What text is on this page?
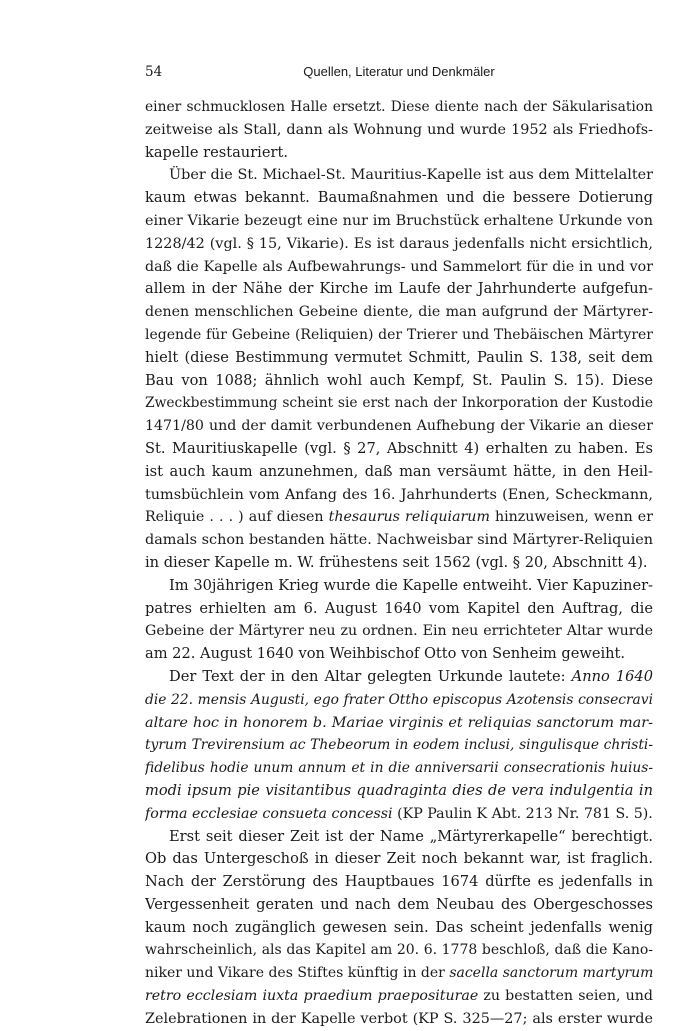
54	Quellen, Literatur und Denkmäler
einer schmucklosen Halle ersetzt. Diese diente nach der Säkularisation
zeitweise als Stall, dann als Wohnung und wurde 1952 als Friedhofs-
kapelle restauriert.
Über die St. Michael-St. Mauritius-Kapelle ist aus dem Mittelalter
kaum etwas bekannt. Baumaßnahmen und die bessere Dotierung
einer Vikarie bezeugt eine nur im Bruchstück erhaltene Urkunde von
1228/42 (vgl. § 15, Vikarie). Es ist daraus jedenfalls nicht ersichtlich,
daß die Kapelle als Aufbewahrungs- und Sammelort für die in und vor
allem in der Nähe der Kirche im Laufe der Jahrhunderte aufgefun-
denen menschlichen Gebeine diente, die man aufgrund der Märtyrer-
legende für Gebeine (Reliquien) der Trierer und Thebäischen Märtyrer
hielt (diese Bestimmung vermutet Schmitt, Paulin S. 138, seit dem
Bau von 1088; ähnlich wohl auch Kempf, St. Paulin S. 15). Diese
Zweckbestimmung scheint sie erst nach der Inkorporation der Kustodie
1471/80 und der damit verbundenen Aufhebung der Vikarie an dieser
St. Mauritiuskapelle (vgl. § 27, Abschnitt 4) erhalten zu haben. Es
ist auch kaum anzunehmen, daß man versäumt hätte, in den Heil-
tumsbüchlein vom Anfang des 16. Jahrhunderts (Enen, Scheckmann,
Reliquie . . . ) auf diesen thesaurus reliquiarum hinzuweisen, wenn er
damals schon bestanden hätte. Nachweisbar sind Märtyrer-Reliquien
in dieser Kapelle m. W. frühestens seit 1562 (vgl. § 20, Abschnitt 4).
Im 30jährigen Krieg wurde die Kapelle entweiht. Vier Kapuziner-
patres erhielten am 6. August 1640 vom Kapitel den Auftrag, die
Gebeine der Märtyrer neu zu ordnen. Ein neu errichteter Altar wurde
am 22. August 1640 von Weihbischof Otto von Senheim geweiht.
Der Text der in den Altar gelegten Urkunde lautete: Anno 1640
die 22. mensis Augusti, ego frater Ottho episcopus Azotensis consecravi
altare hoc in honorem b. Mariae virginis et reliquias sanctorum mar-
tyrum Trevirensium ac Thebeorum in eodem inclusi, singulisque christi-
fidelibus hodie unum annum et in die anniversarii consecrationis huius-
modi ipsum pie visitantibus quadraginta dies de vera indulgentia in
forma ecclesiae consueta concessi (KP Paulin K Abt. 213 Nr. 781 S. 5).
Erst seit dieser Zeit ist der Name „Märtyrerkapelle“ berechtigt.
Ob das Untergeschoß in dieser Zeit noch bekannt war, ist fraglich.
Nach der Zerstörung des Hauptbaues 1674 dürfte es jedenfalls in
Vergessenheit geraten und nach dem Neubau des Obergeschosses
kaum noch zugänglich gewesen sein. Das scheint jedenfalls wenig
wahrscheinlich, als das Kapitel am 20. 6. 1778 beschloß, daß die Kano-
niker und Vikare des Stiftes künftig in der sacella sanctorum martyrum
retro ecclesiam iuxta praedium praepositurae zu bestatten seien, und
Zelebrationen in der Kapelle verbot (KP S. 325—27; als erster wurde
